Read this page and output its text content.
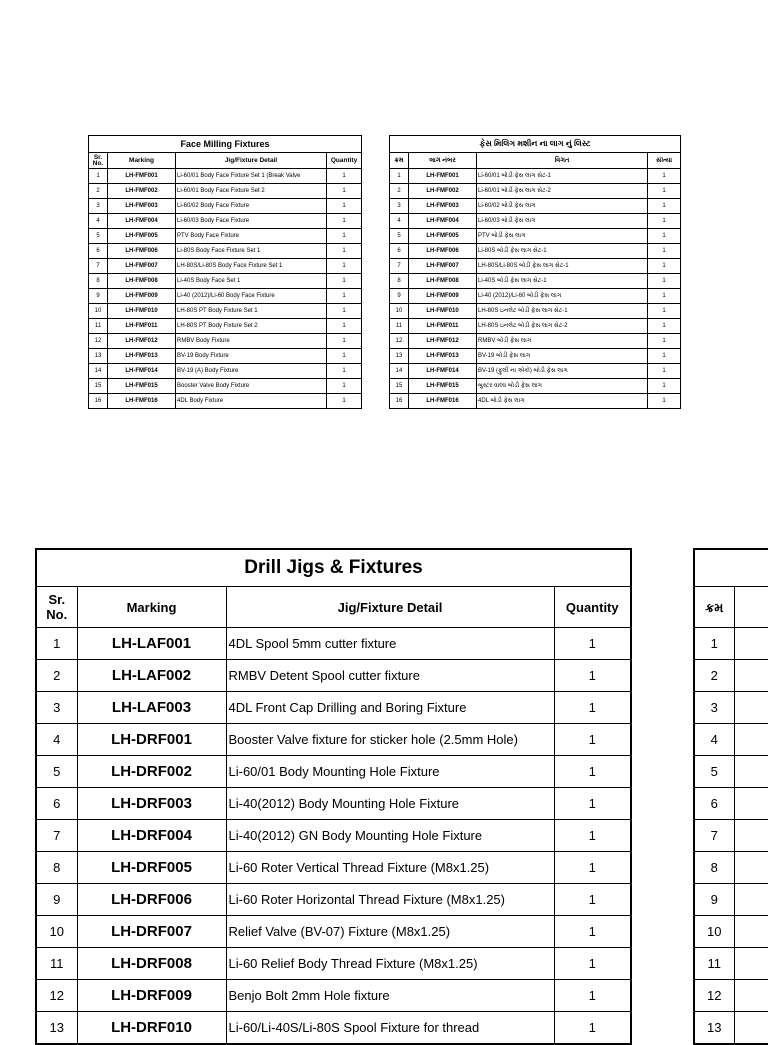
Face Milling Fixtures			
Sr. No.	Marking	Jig/Fixture Detail	Quantity
1	LH-FMF001	Li-60/01 Body Face Fixture Set 1 (Break Valve	1
2	LH-FMF002	Li-60/01 Body Face Fixture Set 2	1
3	LH-FMF003	Li-60/02 Body Face Fixture	1
4	LH-FMF004	Li-60/03 Body Face Fixture	1
5	LH-FMF005	PTV Body Face Fixture	1
6	LH-FMF006	Li-80S Body Face Fixture Set 1	1
7	LH-FMF007	LH-80S/Li-80S Body Face Fixture Set 1	1
8	LH-FMF008	Li-40S Body Face Set 1	1
9	LH-FMF009	Li-40 (2012)/Li-60 Body Face Fixture	1
10	LH-FMF010	LH-80S PT Body Fixture Set 1	1
11	LH-FMF011	LH-80S PT Body Fixture Set 2	1
12	LH-FMF012	RMBV Body Fixture	1
13	LH-FMF013	BV-19 Body Fixture	1
14	LH-FMF014	BV-19 (A) Body Fixture	1
15	LH-FMF015	Booster Valve Body Fixture	1
16	LH-FMF016	4DL Body Fixture	1
ફેસ મિલિંગ મશીન ના લાગ નું લિસ્ટ			
ક્રમ	લાગ નંબર	વિગત	સંખ્યા
1	LH-FMF001	Li-60/01 બોડી ફેસ લાગ સેટ-1	1
2	LH-FMF002	Li-60/01 બોડી ફેસ લાગ સેટ-2	1
3	LH-FMF003	Li-60/02 બોડી ફેસ લાગ	1
4	LH-FMF004	Li-60/03 બોડી ફેસ લાગ	1
5	LH-FMF005	PTV બોડી ફેસ લાગ	1
6	LH-FMF006	Li-80S બોડી ફેસ લાગ સેટ-1	1
7	LH-FMF007	LH-80S/Li-80S બોડી ફેસ લાગ સેટ-1	1
8	LH-FMF008	Li-40S બોડી ફેસ લાગ સેટ-1	1
9	LH-FMF009	Li-40 (2012)/Li-60 બોડી ફેસ લાગ	1
10	LH-FMF010	LH-80S ઇનલેટ બોડી ફેસ લાગ સેટ-1	1
11	LH-FMF011	LH-80S ઇનલેટ બોડી ફેસ લાગ સેટ-2	1
12	LH-FMF012	RMBV બોડી ફેસ લાગ	1
13	LH-FMF013	BV-19 બોડી ફેસ લાગ	1
14	LH-FMF014	BV-19 (ફુલી ના એકો) બોડી ફેસ લાગ	1
15	LH-FMF015	બુસ્ટર વાલ્વ બોડી ફેસ લાગ	1
16	LH-FMF016	4DL બોડી ફેસ લાગ	1
Drill Jigs & Fixtures			
Sr. No.	Marking	Jig/Fixture Detail	Quantity
1	LH-LAF001	4DL Spool 5mm cutter fixture	1
2	LH-LAF002	RMBV Detent Spool cutter fixture	1
3	LH-LAF003	4DL Front Cap Drilling and Boring Fixture	1
4	LH-DRF001	Booster Valve fixture for sticker hole (2.5mm Hole)	1
5	LH-DRF002	Li-60/01 Body Mounting Hole Fixture	1
6	LH-DRF003	Li-40(2012) Body Mounting Hole Fixture	1
7	LH-DRF004	Li-40(2012) GN Body Mounting Hole Fixture	1
8	LH-DRF005	Li-60 Roter Vertical Thread Fixture (M8x1.25)	1
9	LH-DRF006	Li-60 Roter Horizontal Thread Fixture (M8x1.25)	1
10	LH-DRF007	Relief Valve (BV-07) Fixture (M8x1.25)	1
11	LH-DRF008	Li-60 Relief Body Thread Fixture (M8x1.25)	1
12	LH-DRF009	Benjo Bolt 2mm Hole fixture	1
13	LH-DRF010	Li-60/Li-40S/Li-80S Spool Fixture for thread	1

ક્રમ	
1	
2	
3	
4	
5	
6	
7	
8	
9	
10	
11	
12	
13	
